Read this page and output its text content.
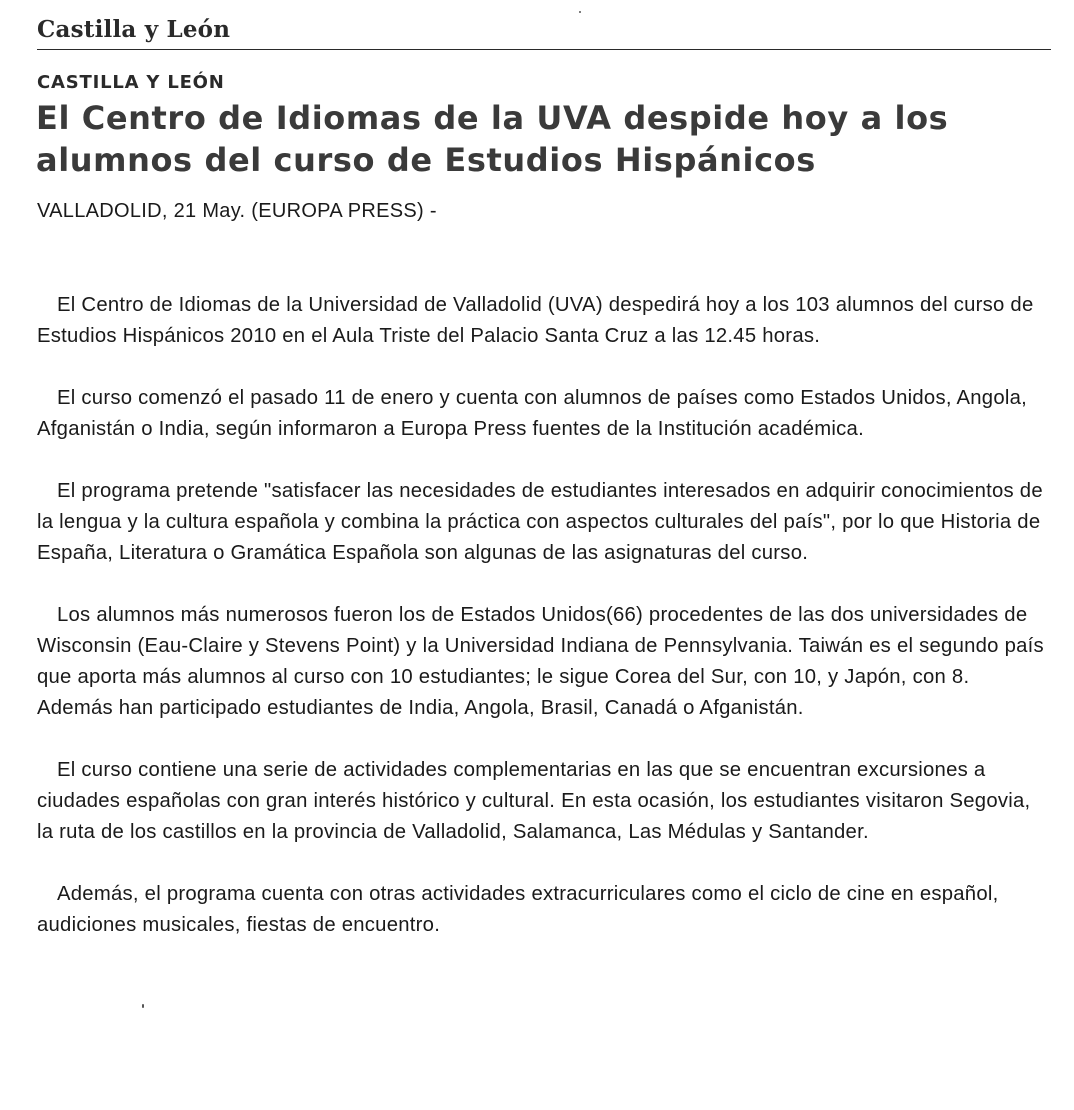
Castilla y León
CASTILLA Y LEÓN
El Centro de Idiomas de la UVA despide hoy a los alumnos del curso de Estudios Hispánicos
VALLADOLID, 21 May. (EUROPA PRESS) -

El Centro de Idiomas de la Universidad de Valladolid (UVA) despedirá hoy a los 103 alumnos del curso de Estudios Hispánicos 2010 en el Aula Triste del Palacio Santa Cruz a las 12.45 horas.

El curso comenzó el pasado 11 de enero y cuenta con alumnos de países como Estados Unidos, Angola, Afganistán o India, según informaron a Europa Press fuentes de la Institución académica.

El programa pretende "satisfacer las necesidades de estudiantes interesados en adquirir conocimientos de la lengua y la cultura española y combina la práctica con aspectos culturales del país", por lo que Historia de España, Literatura o Gramática Española son algunas de las asignaturas del curso.

Los alumnos más numerosos fueron los de Estados Unidos(66) procedentes de las dos universidades de Wisconsin (Eau-Claire y Stevens Point) y la Universidad Indiana de Pennsylvania. Taiwán es el segundo país que aporta más alumnos al curso con 10 estudiantes; le sigue Corea del Sur, con 10, y Japón, con 8. Además han participado estudiantes de India, Angola, Brasil, Canadá o Afganistán.

El curso contiene una serie de actividades complementarias en las que se encuentran excursiones a ciudades españolas con gran interés histórico y cultural. En esta ocasión, los estudiantes visitaron Segovia, la ruta de los castillos en la provincia de Valladolid, Salamanca, Las Médulas y Santander.

Además, el programa cuenta con otras actividades extracurriculares como el ciclo de cine en español, audiciones musicales, fiestas de encuentro.
